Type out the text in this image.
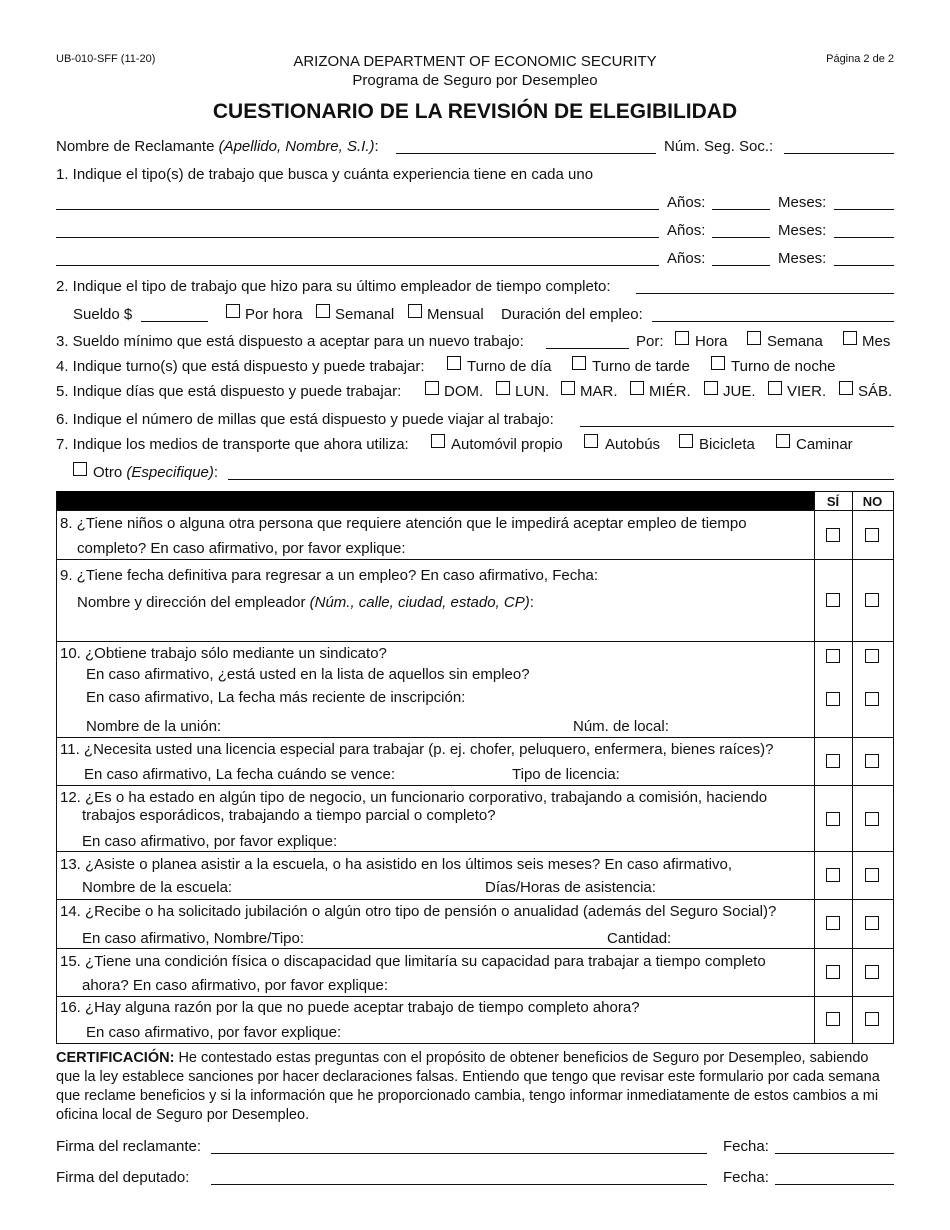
UB-010-SFF (11-20)	ARIZONA DEPARTMENT OF ECONOMIC SECURITY
Programa de Seguro por Desempleo
Página 2 de 2
CUESTIONARIO DE LA REVISIÓN DE ELEGIBILIDAD
Nombre de Reclamante (Apellido, Nombre, S.I.):	Núm. Seg. Soc.:
1. Indique el tipo(s) de trabajo que busca y cuánta experiencia tiene en cada uno
Años:	Meses:
Años:	Meses:
Años:	Meses:
2. Indique el tipo de trabajo que hizo para su último empleador de tiempo completo:
Sueldo $	Por hora Semanal Mensual Duración del empleo:
3. Sueldo mínimo que está dispuesto a aceptar para un nuevo trabajo:	Por: Hora	Semana	Mes
4. Indique turno(s) que está dispuesto y puede trabajar:	Turno de día	Turno de tarde	Turno de noche
5. Indique días que está dispuesto y puede trabajar:	DOM. LUN. MAR. MIÉR. JUE. VIER. SÁB.
6. Indique el número de millas que está dispuesto y puede viajar al trabajo:
7. Indique los medios de transporte que ahora utiliza:	Automóvil propio	Autobús	Bicicleta	Caminar
Otro (Especifique):
SÍ	NO
8. ¿Tiene niños o alguna otra persona que requiere atención que le impedirá aceptar empleo de tiempo
completo? En caso afirmativo, por favor explique:
9. ¿Tiene fecha definitiva para regresar a un empleo? En caso afirmativo, Fecha:
Nombre y dirección del empleador (Núm., calle, ciudad, estado, CP):
10. ¿Obtiene trabajo sólo mediante un sindicato?
En caso afirmativo, ¿está usted en la lista de aquellos sin empleo?
En caso afirmativo, La fecha más reciente de inscripción:
Nombre de la unión:	Núm. de local:
11. ¿Necesita usted una licencia especial para trabajar (p. ej. chofer, peluquero, enfermera, bienes raíces)?
En caso afirmativo, La fecha cuándo se vence:	Tipo de licencia:
12. ¿Es o ha estado en algún tipo de negocio, un funcionario corporativo, trabajando a comisión, haciendo
trabajos esporádicos, trabajando a tiempo parcial o completo?
En caso afirmativo, por favor explique:
13. ¿Asiste o planea asistir a la escuela, o ha asistido en los últimos seis meses? En caso afirmativo,
Nombre de la escuela:	Días/Horas de asistencia:
14. ¿Recibe o ha solicitado jubilación o algún otro tipo de pensión o anualidad (además del Seguro Social)?
En caso afirmativo, Nombre/Tipo:	Cantidad:
15. ¿Tiene una condición física o discapacidad que limitaría su capacidad para trabajar a tiempo completo
ahora? En caso afirmativo, por favor explique:
16. ¿Hay alguna razón por la que no puede aceptar trabajo de tiempo completo ahora?
En caso afirmativo, por favor explique:
CERTIFICACIÓN: He contestado estas preguntas con el propósito de obtener beneficios de Seguro por Desempleo, sabiendo que la ley establece sanciones por hacer declaraciones falsas. Entiendo que tengo que revisar este formulario por cada semana que reclame beneficios y si la información que he proporcionado cambia, tengo informar inmediatamente de estos cambios a mi oficina local de Seguro por Desempleo.
Firma del reclamante:	Fecha:
Firma del deputado:	Fecha:
